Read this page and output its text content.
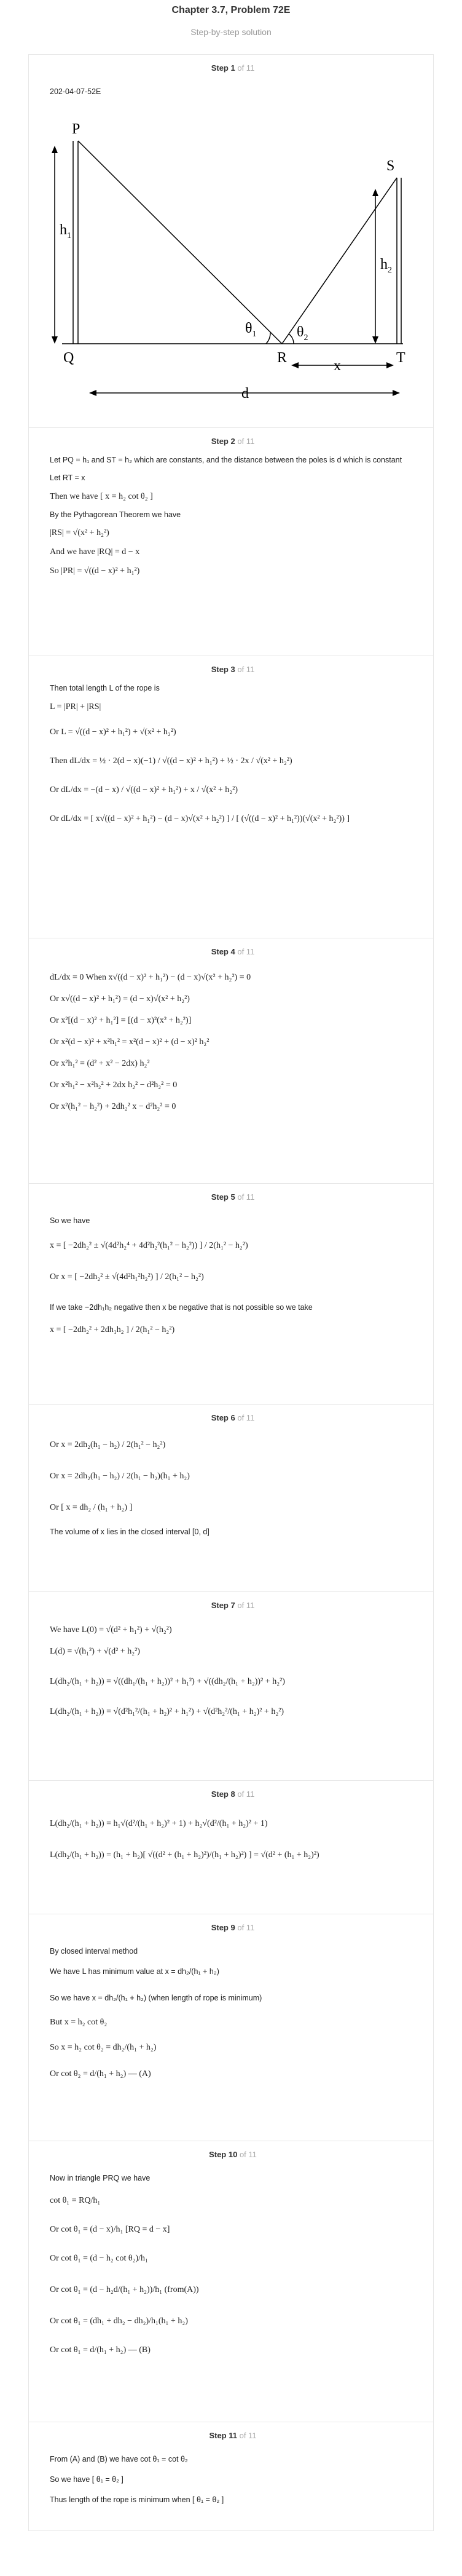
Chapter 3.7, Problem 72E

Step-by-step solution

Step 1 of 11
202-04-07-52E
P
S
Q	R	T
x
d
$h_1$
$h_2$
$\theta_1$	$\theta_2$
Step 2 of 11
Let PQ = h₁ and ST = h₂ which are constants, and the distance between the poles is d which is constant
Let RT = x
Then we have [ x = h₂ cot θ₂ ]
By the Pythagorean Theorem we have
|RS| = √(x² + h₂²)
And we have |RQ| = d − x
So |PR| = √((d − x)² + h₁²)
Step 3 of 11
Then total length L of the rope is
L = |PR| + |RS|
Or L = √((d − x)² + h₁²) + √(x² + h₂²)
Then dL/dx = ½ · 2(d − x)(−1) / √((d − x)² + h₁²) + ½ · 2x / √(x² + h₂²)
Or dL/dx = −(d − x) / √((d − x)² + h₁²) + x / √(x² + h₂²)
Or dL/dx = [ x√((d − x)² + h₁²) − (d − x)√(x² + h₂²) ] / [ (√((d − x)² + h₁²))(√(x² + h₂²)) ]
Step 4 of 11
dL/dx = 0 When x√((d − x)² + h₁²) − (d − x)√(x² + h₂²) = 0
Or x√((d − x)² + h₁²) = (d − x)√(x² + h₂²)
Or x²[(d − x)² + h₁²] = [(d − x)²(x² + h₂²)]
Or x²(d − x)² + x²h₁² = x²(d − x)² + (d − x)² h₂²
Or x²h₁² = (d² + x² − 2dx) h₂²
Or x²h₁² − x²h₂² + 2dx h₂² − d²h₂² = 0
Or x²(h₁² − h₂²) + 2dh₂² x − d²h₂² = 0
Step 5 of 11
So we have
x = [ −2dh₂² ± √(4d²h₂⁴ + 4d²h₂²(h₁² − h₂²)) ] / 2(h₁² − h₂²)
Or x = [ −2dh₂² ± √(4d²h₁²h₂²) ] / 2(h₁² − h₂²)
If we take −2dh₁h₂ negative then x be negative that is not possible so we take
x = [ −2dh₂² + 2dh₁h₂ ] / 2(h₁² − h₂²)
Step 6 of 11
Or x = 2dh₂(h₁ − h₂) / 2(h₁² − h₂²)
Or x = 2dh₂(h₁ − h₂) / 2(h₁ − h₂)(h₁ + h₂)
Or [ x = dh₂ / (h₁ + h₂) ]
The volume of x lies in the closed interval [0, d]
Step 7 of 11
We have L(0) = √(d² + h₁²) + √(h₂²)
L(d) = √(h₁²) + √(d² + h₂²)
L(dh₂/(h₁ + h₂)) = √((dh₁/(h₁ + h₂))² + h₁²) + √((dh₂/(h₁ + h₂))² + h₂²)
L(dh₂/(h₁ + h₂)) = √(d²h₁²/(h₁ + h₂)² + h₁²) + √(d²h₂²/(h₁ + h₂)² + h₂²)
Step 8 of 11
L(dh₂/(h₁ + h₂)) = h₁√(d²/(h₁ + h₂)² + 1) + h₂√(d²/(h₁ + h₂)² + 1)
L(dh₂/(h₁ + h₂)) = (h₁ + h₂)[ √((d² + (h₁ + h₂)²)/(h₁ + h₂)²) ] = √(d² + (h₁ + h₂)²)
Step 9 of 11
By closed interval method
We have L has minimum value at x = dh₂/(h₁ + h₂)
So we have x = dh₂/(h₁ + h₂) (when length of rope is minimum)
But x = h₂ cot θ₂
So x = h₂ cot θ₂ = dh₂/(h₁ + h₂)
Or cot θ₂ = d/(h₁ + h₂) — (A)
Step 10 of 11
Now in triangle PRQ we have
cot θ₁ = RQ/h₁
Or cot θ₁ = (d − x)/h₁ [RQ = d − x]
Or cot θ₁ = (d − h₂ cot θ₂)/h₁
Or cot θ₁ = (d − h₂d/(h₁ + h₂))/h₁ (from(A))
Or cot θ₁ = (dh₁ + dh₂ − dh₂)/h₁(h₁ + h₂)
Or cot θ₁ = d/(h₁ + h₂) — (B)
Step 11 of 11
From (A) and (B) we have cot θ₁ = cot θ₂
So we have [ θ₁ = θ₂ ]
Thus length of the rope is minimum when [ θ₁ = θ₂ ]
